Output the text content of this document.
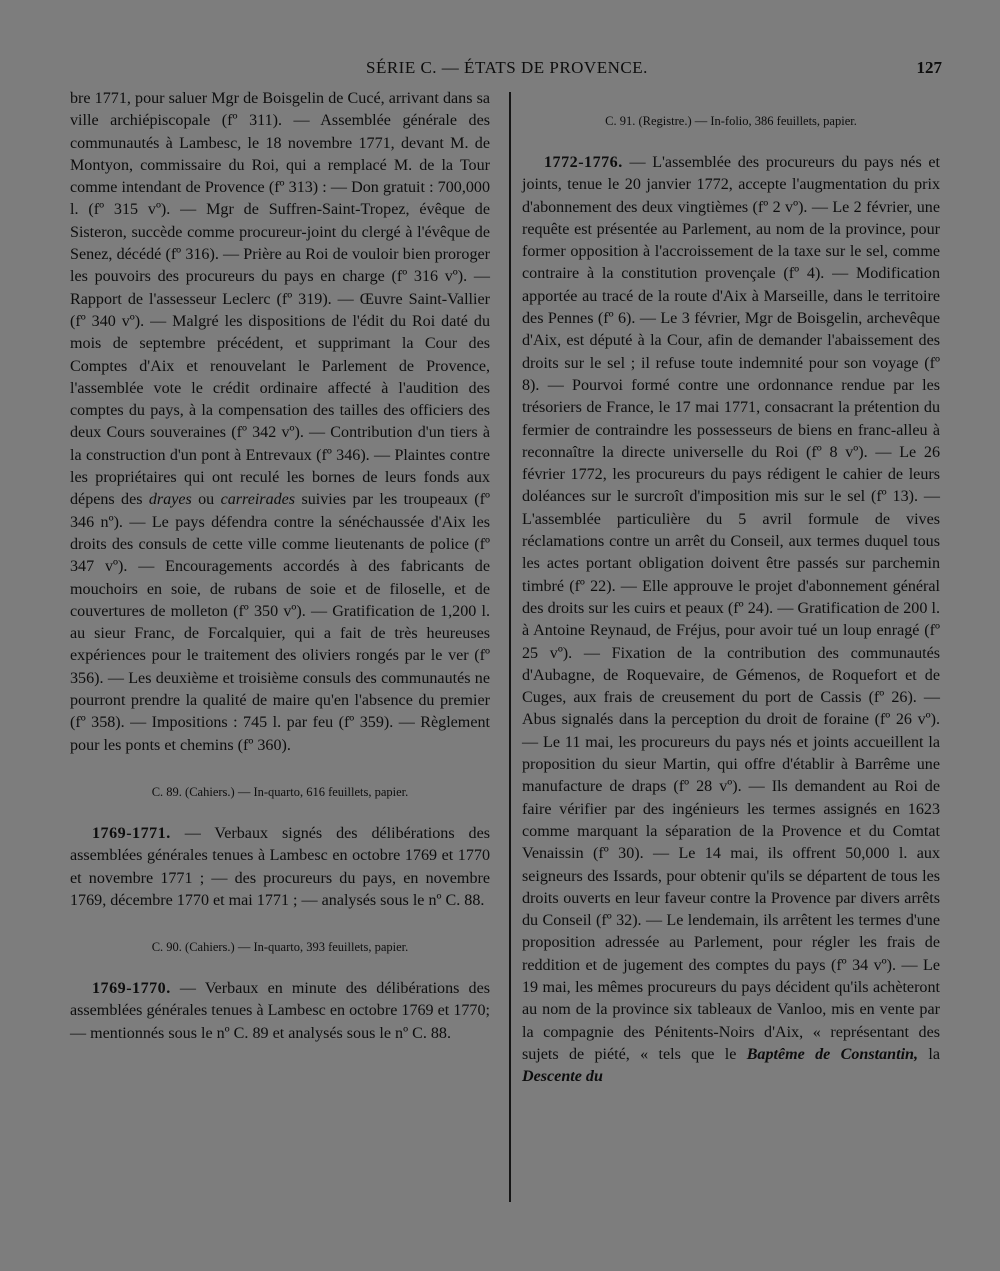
SÉRIE C. — ÉTATS DE PROVENCE.	127

bre 1771, pour saluer Mgr de Boisgelin de Cucé, arrivant dans sa ville archiépiscopale (fº 311). — Assemblée générale des communautés à Lambesc, le 18 novembre 1771, devant M. de Montyon, commissaire du Roi, qui a remplacé M. de la Tour comme intendant de Provence (fº 313) : — Don gratuit : 700,000 l. (fº 315 vº). — Mgr de Suffren-Saint-Tropez, évêque de Sisteron, succède comme procureur-joint du clergé à l'évêque de Senez, décédé (fº 316). — Prière au Roi de vouloir bien proroger les pouvoirs des procureurs du pays en charge (fº 316 vº). — Rapport de l'assesseur Leclerc (fº 319). — Œuvre Saint-Vallier (fº 340 vº). — Malgré les dispositions de l'édit du Roi daté du mois de septembre précédent, et supprimant la Cour des Comptes d'Aix et renouvelant le Parlement de Provence, l'assemblée vote le crédit ordinaire affecté à l'audition des comptes du pays, à la compensation des tailles des officiers des deux Cours souveraines (fº 342 vº). — Contribution d'un tiers à la construction d'un pont à Entrevaux (fº 346). — Plaintes contre les propriétaires qui ont reculé les bornes de leurs fonds aux dépens des drayes ou carreirades suivies par les troupeaux (fº 346 nº). — Le pays défendra contre la sénéchaussée d'Aix les droits des consuls de cette ville comme lieutenants de police (fº 347 vº). — Encouragements accordés à des fabricants de mouchoirs en soie, de rubans de soie et de filoselle, et de couvertures de molleton (fº 350 vº). — Gratification de 1,200 l. au sieur Franc, de Forcalquier, qui a fait de très heureuses expériences pour le traitement des oliviers rongés par le ver (fº 356). — Les deuxième et troisième consuls des communautés ne pourront prendre la qualité de maire qu'en l'absence du premier (fº 358). — Impositions : 745 l. par feu (fº 359). — Règlement pour les ponts et chemins (fº 360).

C. 89. (Cahiers.) — In-quarto, 616 feuillets, papier.

1769-1771. — Verbaux signés des délibérations des assemblées générales tenues à Lambesc en octobre 1769 et 1770 et novembre 1771 ; — des procureurs du pays, en novembre 1769, décembre 1770 et mai 1771 ; — analysés sous le nº C. 88.

C. 90. (Cahiers.) — In-quarto, 393 feuillets, papier.

1769-1770. — Verbaux en minute des délibérations des assemblées générales tenues à Lambesc en octobre 1769 et 1770; — mentionnés sous le nº C. 89 et analysés sous le nº C. 88.

C. 91. (Registre.) — In-folio, 386 feuillets, papier.

1772-1776. — L'assemblée des procureurs du pays nés et joints, tenue le 20 janvier 1772, accepte l'augmentation du prix d'abonnement des deux vingtièmes (fº 2 vº). — Le 2 février, une requête est présentée au Parlement, au nom de la province, pour former opposition à l'accroissement de la taxe sur le sel, comme contraire à la constitution provençale (fº 4). — Modification apportée au tracé de la route d'Aix à Marseille, dans le territoire des Pennes (fº 6). — Le 3 février, Mgr de Boisgelin, archevêque d'Aix, est député à la Cour, afin de demander l'abaissement des droits sur le sel ; il refuse toute indemnité pour son voyage (fº 8). — Pourvoi formé contre une ordonnance rendue par les trésoriers de France, le 17 mai 1771, consacrant la prétention du fermier de contraindre les possesseurs de biens en franc-alleu à reconnaître la directe universelle du Roi (fº 8 vº). — Le 26 février 1772, les procureurs du pays rédigent le cahier de leurs doléances sur le surcroît d'imposition mis sur le sel (fº 13). — L'assemblée particulière du 5 avril formule de vives réclamations contre un arrêt du Conseil, aux termes duquel tous les actes portant obligation doivent être passés sur parchemin timbré (fº 22). — Elle approuve le projet d'abonnement général des droits sur les cuirs et peaux (fº 24). — Gratification de 200 l. à Antoine Reynaud, de Fréjus, pour avoir tué un loup enragé (fº 25 vº). — Fixation de la contribution des communautés d'Aubagne, de Roquevaire, de Gémenos, de Roquefort et de Cuges, aux frais de creusement du port de Cassis (fº 26). — Abus signalés dans la perception du droit de foraine (fº 26 vº). — Le 11 mai, les procureurs du pays nés et joints accueillent la proposition du sieur Martin, qui offre d'établir à Barrême une manufacture de draps (fº 28 vº). — Ils demandent au Roi de faire vérifier par des ingénieurs les termes assignés en 1623 comme marquant la séparation de la Provence et du Comtat Venaissin (fº 30). — Le 14 mai, ils offrent 50,000 l. aux seigneurs des Issards, pour obtenir qu'ils se départent de tous les droits ouverts en leur faveur contre la Provence par divers arrêts du Conseil (fº 32). — Le lendemain, ils arrêtent les termes d'une proposition adressée au Parlement, pour régler les frais de reddition et de jugement des comptes du pays (fº 34 vº). — Le 19 mai, les mêmes procureurs du pays décident qu'ils achèteront au nom de la province six tableaux de Vanloo, mis en vente par la compagnie des Pénitents-Noirs d'Aix, « représentant des sujets de piété, « tels que le Baptême de Constantin, la Descente du
